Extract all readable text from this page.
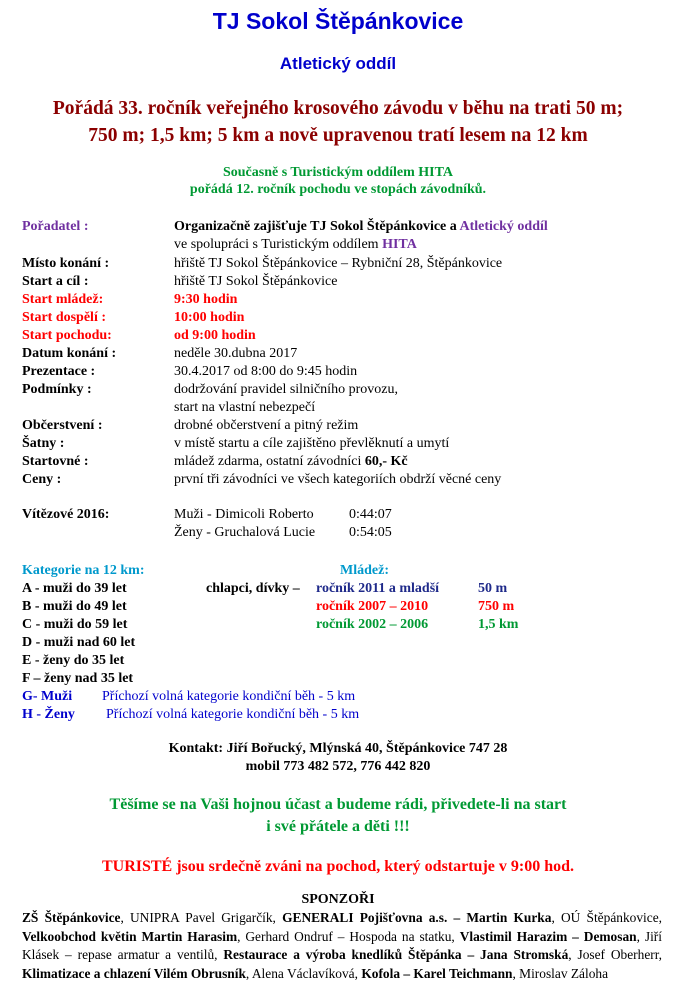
TJ Sokol Štěpánkovice
Atletický oddíl
Pořádá 33. ročník veřejného krosového závodu v běhu na trati 50 m;
750 m; 1,5 km; 5 km a nově upravenou tratí lesem na 12 km
Současně s Turistickým oddílem HITA
pořádá 12. ročník pochodu ve stopách závodníků.
Pořadatel :	Organizačně zajišťuje TJ Sokol Štěpánkovice a Atletický oddíl
ve spolupráci s Turistickým oddílem HITA
Místo konání :	hřiště TJ Sokol Štěpánkovice – Rybniční 28, Štěpánkovice
Start a cíl :	hřiště TJ Sokol Štěpánkovice
Start mládež:	9:30 hodin
Start dospělí :	10:00 hodin
Start pochodu:	od 9:00 hodin
Datum konání :	neděle 30.dubna 2017
Prezentace :	30.4.2017 od 8:00 do 9:45 hodin
Podmínky :	dodržování pravidel silničního provozu,
start na vlastní nebezpečí
Občerstvení :	drobné občerstvení a pitný režim
Šatny :	v místě startu a cíle zajištěno převlěknutí a umytí
Startovné :	mládež zdarma, ostatní závodníci 60,- Kč
Ceny :	první tři závodníci ve všech kategoriích obdrží věcné ceny
Vítězové 2016:	Muži - Dimicoli Roberto	0:44:07
Ženy - Gruchalová Lucie 0:54:05
Kategorie na 12 km:	Mládež:
A - muži do 39 let
B - muži do 49 let
C - muži do 59 let
D - muži nad 60 let
E - ženy do 35 let
F – ženy nad 35 let
G- Muži Příchozí volná kategorie kondiční běh - 5 km
H - Ženy Příchozí volná kategorie kondiční běh - 5 km
chlapci, dívky – ročník 2011 a mladší	50 m
ročník 2007 – 2010	750 m
ročník 2002 – 2006	1,5 km
Kontakt: Jiří Bořucký, Mlýnská 40, Štěpánkovice 747 28
mobil 773 482 572, 776 442 820
Těšíme se na Vaši hojnou účast a budeme rádi, přivedete-li na start
i své přátele a děti !!!
TURISTÉ jsou srdečně zváni na pochod, který odstartuje v 9:00 hod.
SPONZOŘI
ZŠ Štěpánkovice, UNIPRA Pavel Grigarčík, GENERALI Pojišťovna a.s. – Martin Kurka, OÚ Štěpánkovice, Velkoobchod květin Martin Harasim, Gerhard Ondruf – Hospoda na statku, Vlastimil Harazim – Demosan, Jiří Klásek – repase armatur a ventilů, Restaurace a výroba knedlíků Štěpánka – Jana Stromská, Josef Oberherr, Klimatizace a chlazení Vilém Obrusník, Alena Václavíková, Kofola – Karel Teichmann, Miroslav Záloha
